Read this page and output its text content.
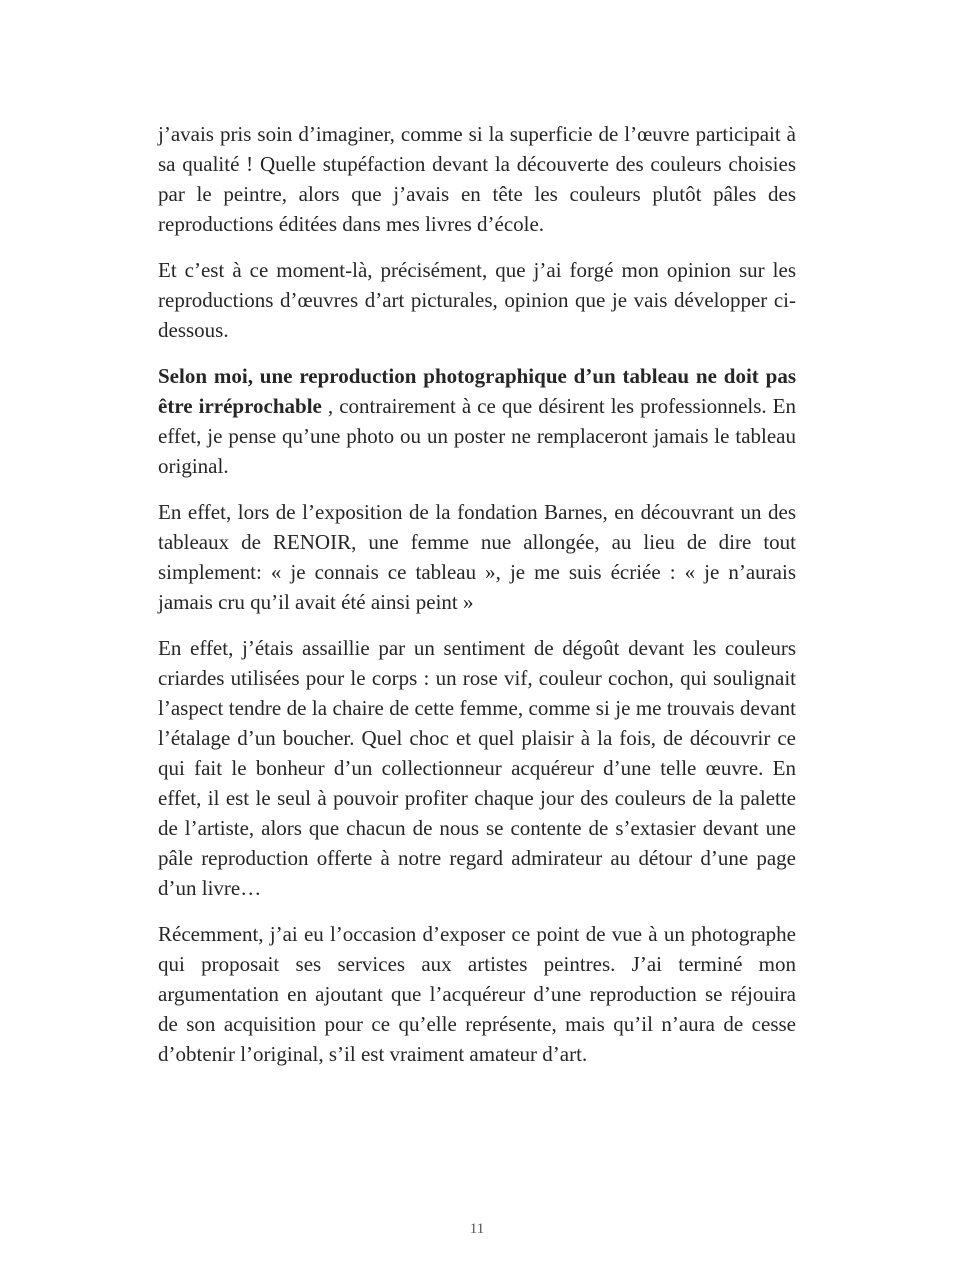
j’avais pris soin d’imaginer, comme si la superficie de l’œuvre participait à sa qualité ! Quelle stupéfaction devant la découverte des couleurs choisies par le peintre, alors que j’avais en tête les couleurs plutôt pâles des reproductions éditées dans mes livres d’école.

Et c’est à ce moment-là, précisément, que j’ai forgé mon opinion sur les reproductions d’œuvres d’art picturales, opinion que je vais développer ci-dessous.

Selon moi, une reproduction photographique d’un tableau ne doit pas être irréprochable , contrairement à ce que désirent les professionnels. En effet, je pense qu’une photo ou un poster ne remplaceront jamais le tableau original.

En effet, lors de l’exposition de la fondation Barnes, en découvrant un des tableaux de RENOIR, une femme nue allongée, au lieu de dire tout simplement: « je connais ce tableau », je me suis écriée : « je n’aurais jamais cru qu’il avait été ainsi peint »

En effet, j’étais assaillie par un sentiment de dégoût devant les couleurs criardes utilisées pour le corps : un rose vif, couleur cochon, qui soulignait l’aspect tendre de la chaire de cette femme, comme si je me trouvais devant l’étalage d’un boucher. Quel choc et quel plaisir à la fois, de découvrir ce qui fait le bonheur d’un collectionneur acquéreur d’une telle œuvre. En effet, il est le seul à pouvoir profiter chaque jour des couleurs de la palette de l’artiste, alors que chacun de nous se contente de s’extasier devant une pâle reproduction offerte à notre regard admirateur au détour d’une page d’un livre…

Récemment, j’ai eu l’occasion d’exposer ce point de vue à un photographe qui proposait ses services aux artistes peintres. J’ai terminé mon argumentation en ajoutant que l’acquéreur d’une reproduction se réjouira de son acquisition pour ce qu’elle représente, mais qu’il n’aura de cesse d’obtenir l’original, s’il est vraiment amateur d’art.

11
